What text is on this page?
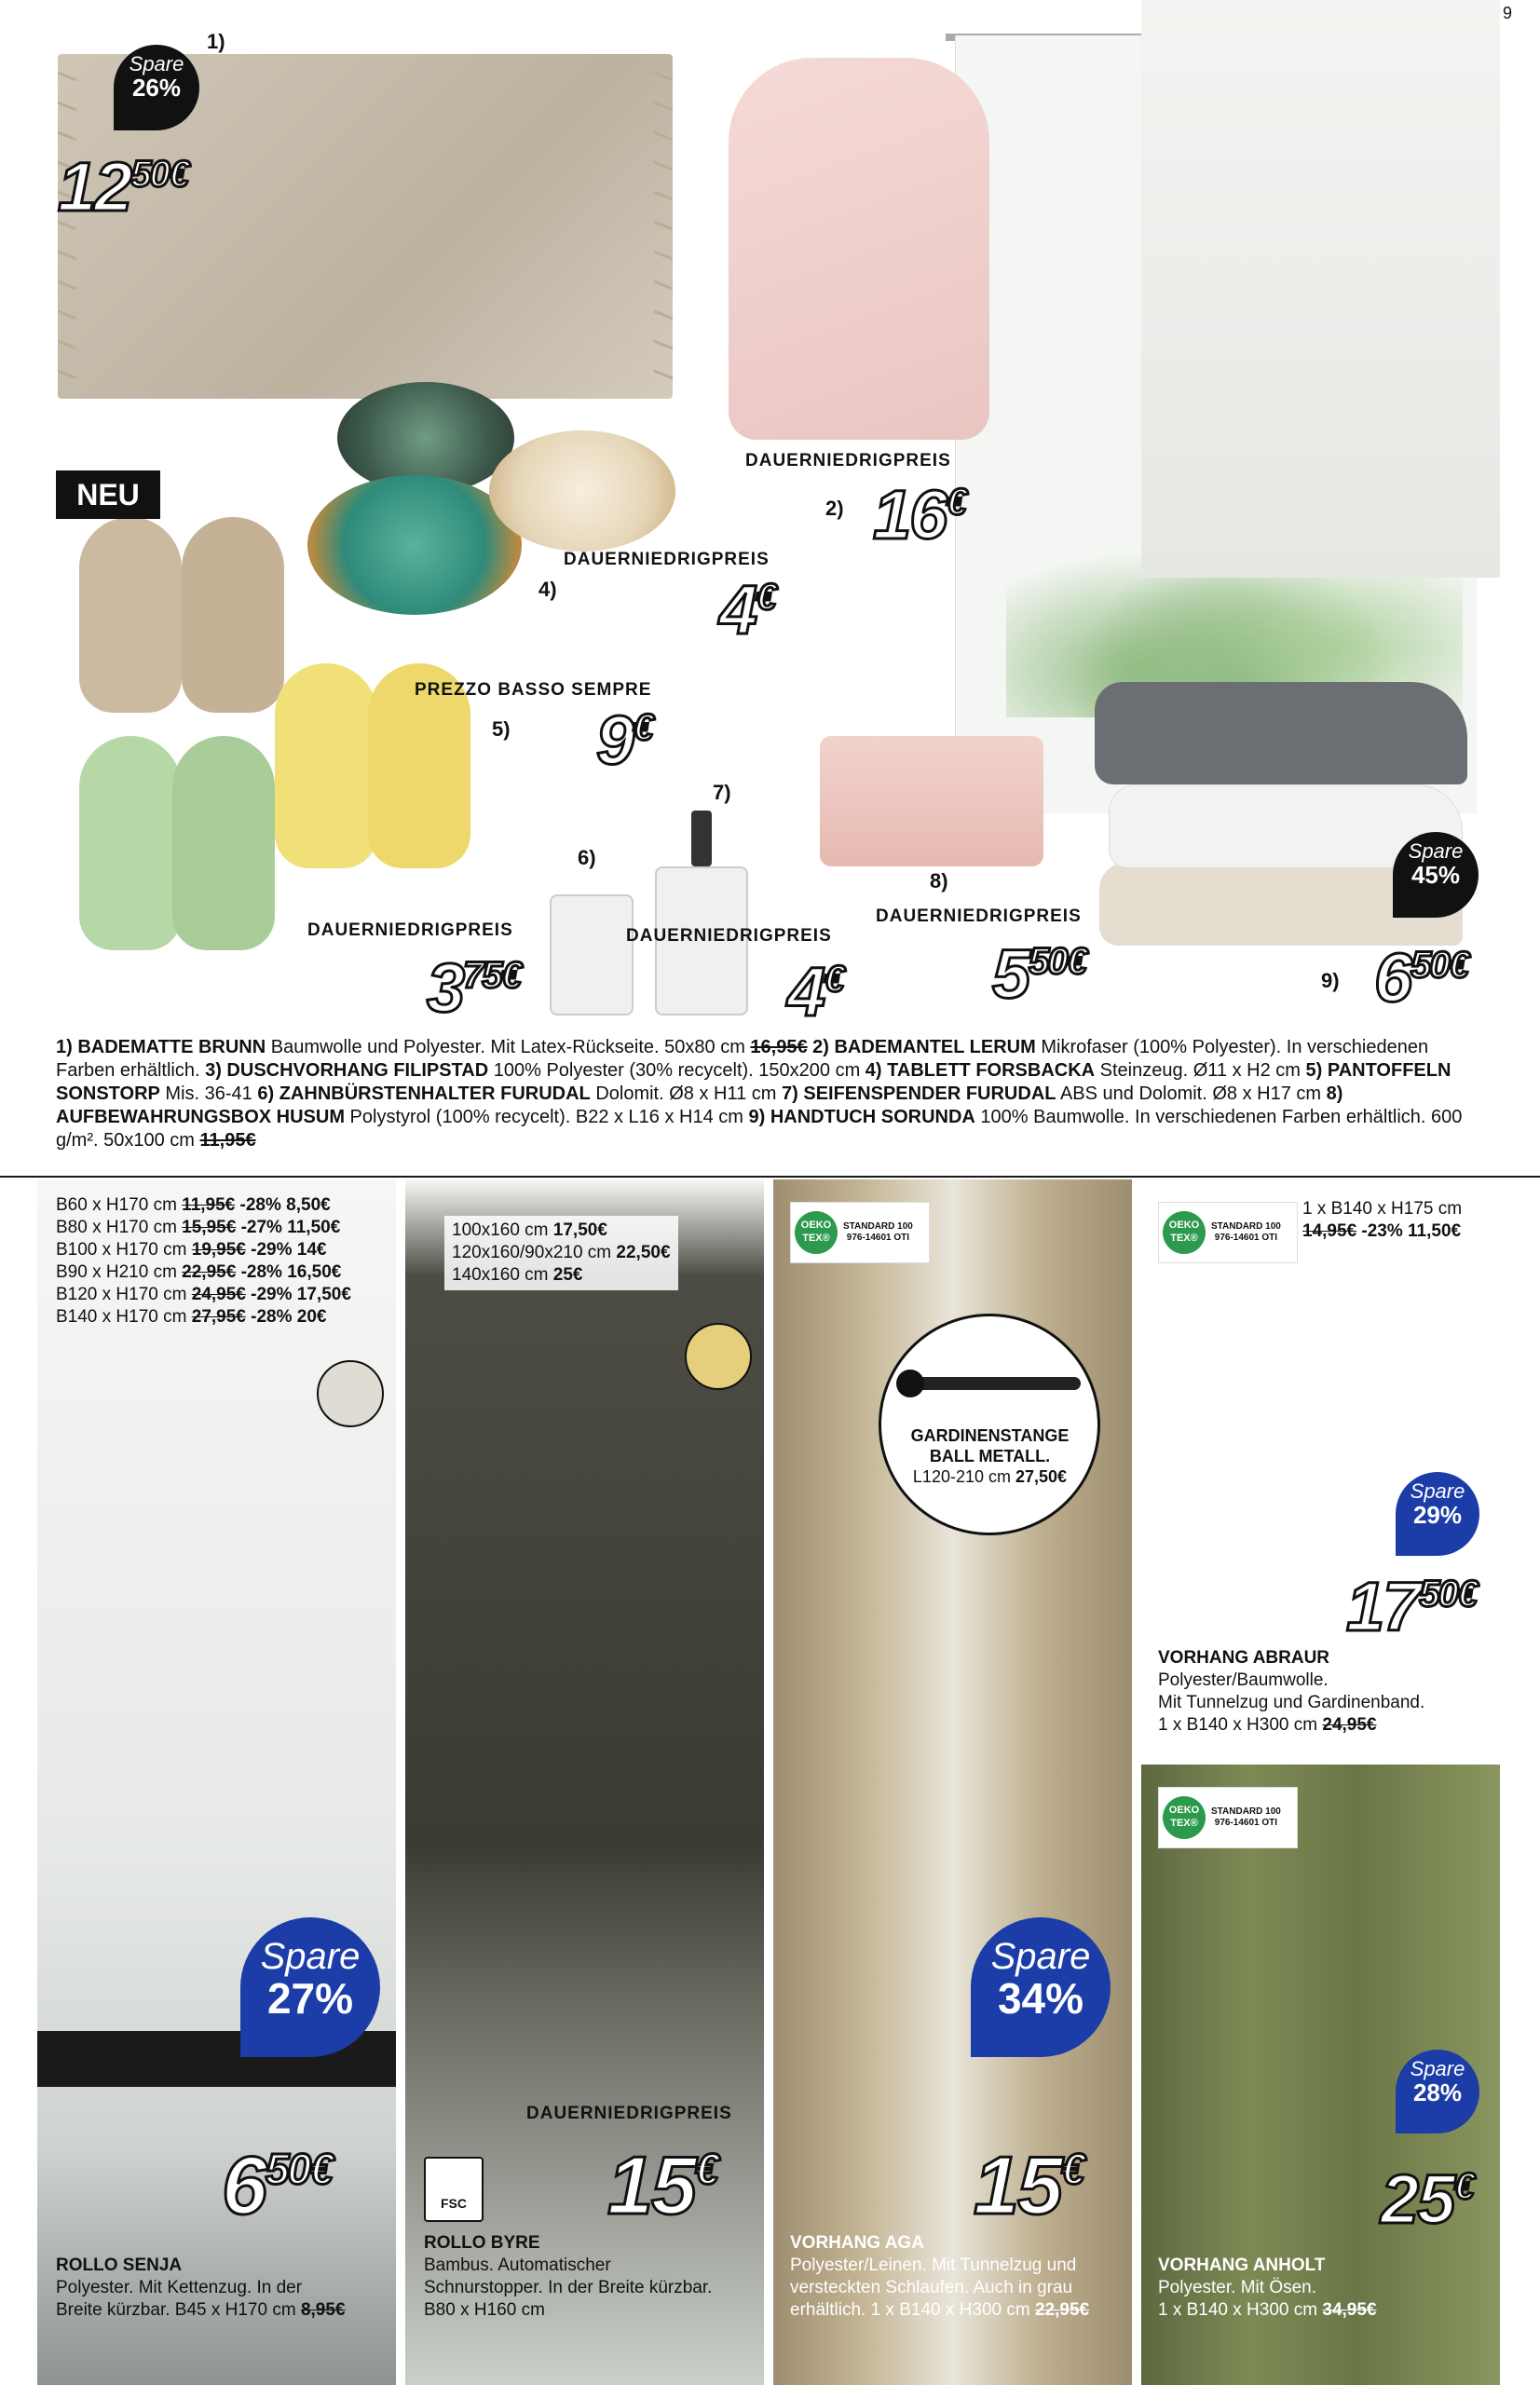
9
Spare
26%
1)
1250€
NEU
DAUERNIEDRIGPREIS
2) 16€
DAUERNIEDRIGPREIS
4) 4€
PREZZO BASSO SEMPRE
5) 9€
7)
6)
DAUERNIEDRIGPREIS
375€
DAUERNIEDRIGPREIS
4€
8)
DAUERNIEDRIGPREIS
550€
Spare
45%
9) 650€
1) BADEMATTE BRUNN Baumwolle und Polyester. Mit Latex-Rückseite. 50x80 cm 16,95€ 2) BADEMANTEL LERUM Mikrofaser (100% Polyester). In verschiedenen Farben erhältlich. 3) DUSCHVORHANG FILIPSTAD 100% Polyester (30% recycelt). 150x200 cm 4) TABLETT FORSBACKA Steinzeug. Ø11 x H2 cm 5) PANTOFFELN SONSTORP Mis. 36-41 6) ZAHNBÜRSTENHALTER FURUDAL Dolomit. Ø8 x H11 cm 7) SEIFENSPENDER FURUDAL ABS und Dolomit. Ø8 x H17 cm 8) AUFBEWAHRUNGSBOX HUSUM Polystyrol (100% recycelt). B22 x L16 x H14 cm 9) HANDTUCH SORUNDA 100% Baumwolle. In verschiedenen Farben erhältlich. 600 g/m². 50x100 cm 11,95€
B60 x H170 cm 11,95€ -28% 8,50€
B80 x H170 cm 15,95€ -27% 11,50€
B100 x H170 cm 19,95€ -29% 14€
B90 x H210 cm 22,95€ -28% 16,50€
B120 x H170 cm 24,95€ -29% 17,50€
B140 x H170 cm 27,95€ -28% 20€
Spare
27%
650€
ROLLO SENJA
Polyester. Mit Kettenzug. In der
Breite kürzbar. B45 x H170 cm 8,95€
100x160 cm 17,50€
120x160/90x210 cm 22,50€
140x160 cm 25€
DAUERNIEDRIGPREIS
FSC 15€
ROLLO BYRE
Bambus. Automatischer
Schnurstopper. In der Breite kürzbar.
B80 x H160 cm
OEKO TEX®
STANDARD 100
976-14601 OTI
GARDINENSTANGE BALL METALL.
L120-210 cm 27,50€
Spare
34%
15€
VORHANG AGA
Polyester/Leinen. Mit Tunnelzug und
versteckten Schlaufen. Auch in grau
erhältlich. 1 x B140 x H300 cm 22,95€
OEKO TEX®
STANDARD 100
976-14601 OTI
1 x B140 x H175 cm
14,95€ -23% 11,50€
Spare
29%
1750€
VORHANG ABRAUR
Polyester/Baumwolle.
Mit Tunnelzug und Gardinenband.
1 x B140 x H300 cm 24,95€
OEKO TEX®
STANDARD 100
976-14601 OTI
Spare
28%
25€
VORHANG ANHOLT
Polyester. Mit Ösen.
1 x B140 x H300 cm 34,95€
